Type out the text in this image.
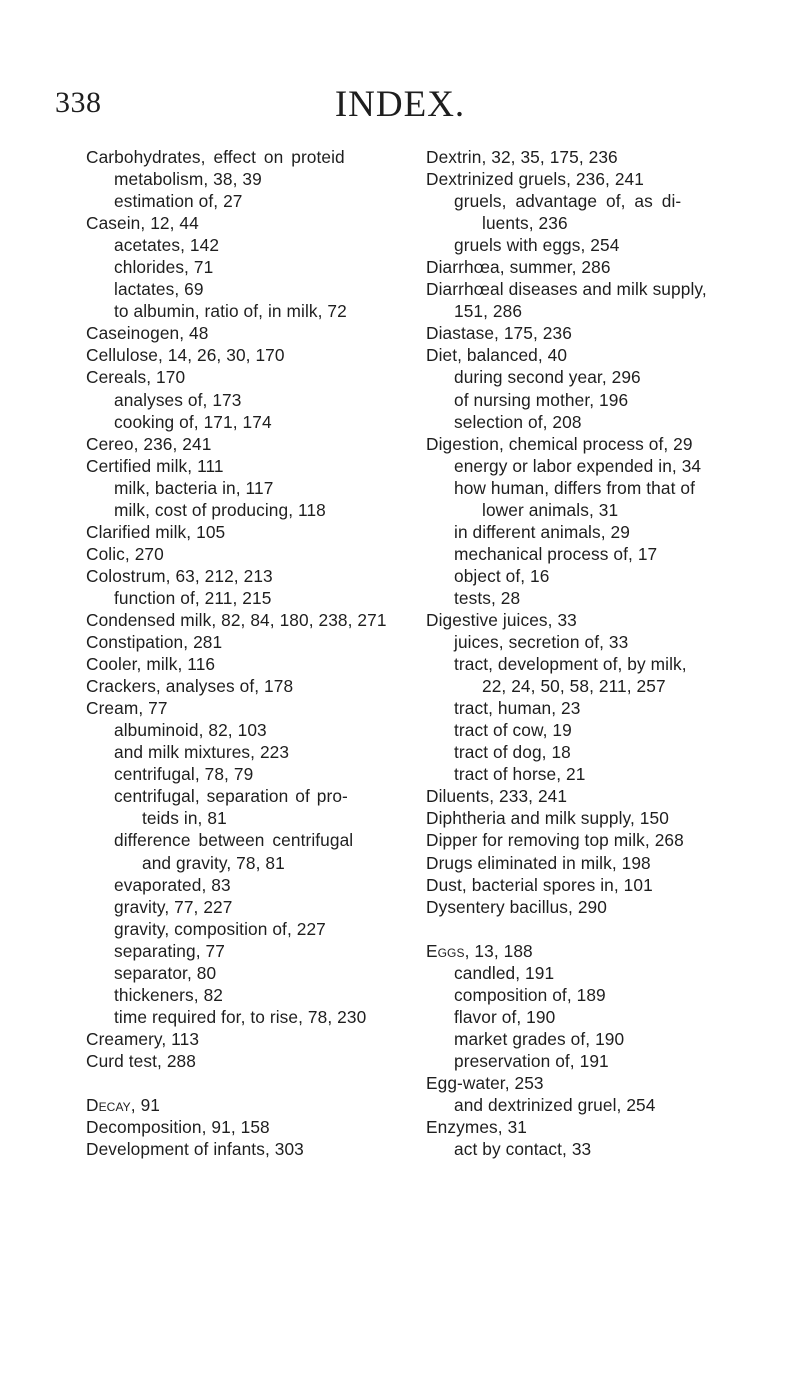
338	INDEX.
Carbohydrates, effect on proteid
metabolism, 38, 39
estimation of, 27
Casein, 12, 44
acetates, 142
chlorides, 71
lactates, 69
to albumin, ratio of, in milk, 72
Caseinogen, 48
Cellulose, 14, 26, 30, 170
Cereals, 170
analyses of, 173
cooking of, 171, 174
Cereo, 236, 241
Certified milk, 111
milk, bacteria in, 117
milk, cost of producing, 118
Clarified milk, 105
Colic, 270
Colostrum, 63, 212, 213
function of, 211, 215
Condensed milk, 82, 84, 180, 238, 271
Constipation, 281
Cooler, milk, 116
Crackers, analyses of, 178
Cream, 77
albuminoid, 82, 103
and milk mixtures, 223
centrifugal, 78, 79
centrifugal, separation of pro-
teids in, 81
difference between centrifugal
and gravity, 78, 81
evaporated, 83
gravity, 77, 227
gravity, composition of, 227
separating, 77
separator, 80
thickeners, 82
time required for, to rise, 78, 230
Creamery, 113
Curd test, 288
Decay, 91
Decomposition, 91, 158
Development of infants, 303
Dextrin, 32, 35, 175, 236
Dextrinized gruels, 236, 241
gruels, advantage of, as di-
luents, 236
gruels with eggs, 254
Diarrhœa, summer, 286
Diarrhœal diseases and milk supply,
151, 286
Diastase, 175, 236
Diet, balanced, 40
during second year, 296
of nursing mother, 196
selection of, 208
Digestion, chemical process of, 29
energy or labor expended in, 34
how human, differs from that of
lower animals, 31
in different animals, 29
mechanical process of, 17
object of, 16
tests, 28
Digestive juices, 33
juices, secretion of, 33
tract, development of, by milk,
22, 24, 50, 58, 211, 257
tract, human, 23
tract of cow, 19
tract of dog, 18
tract of horse, 21
Diluents, 233, 241
Diphtheria and milk supply, 150
Dipper for removing top milk, 268
Drugs eliminated in milk, 198
Dust, bacterial spores in, 101
Dysentery bacillus, 290
Eggs, 13, 188
candled, 191
composition of, 189
flavor of, 190
market grades of, 190
preservation of, 191
Egg-water, 253
and dextrinized gruel, 254
Enzymes, 31
act by contact, 33
